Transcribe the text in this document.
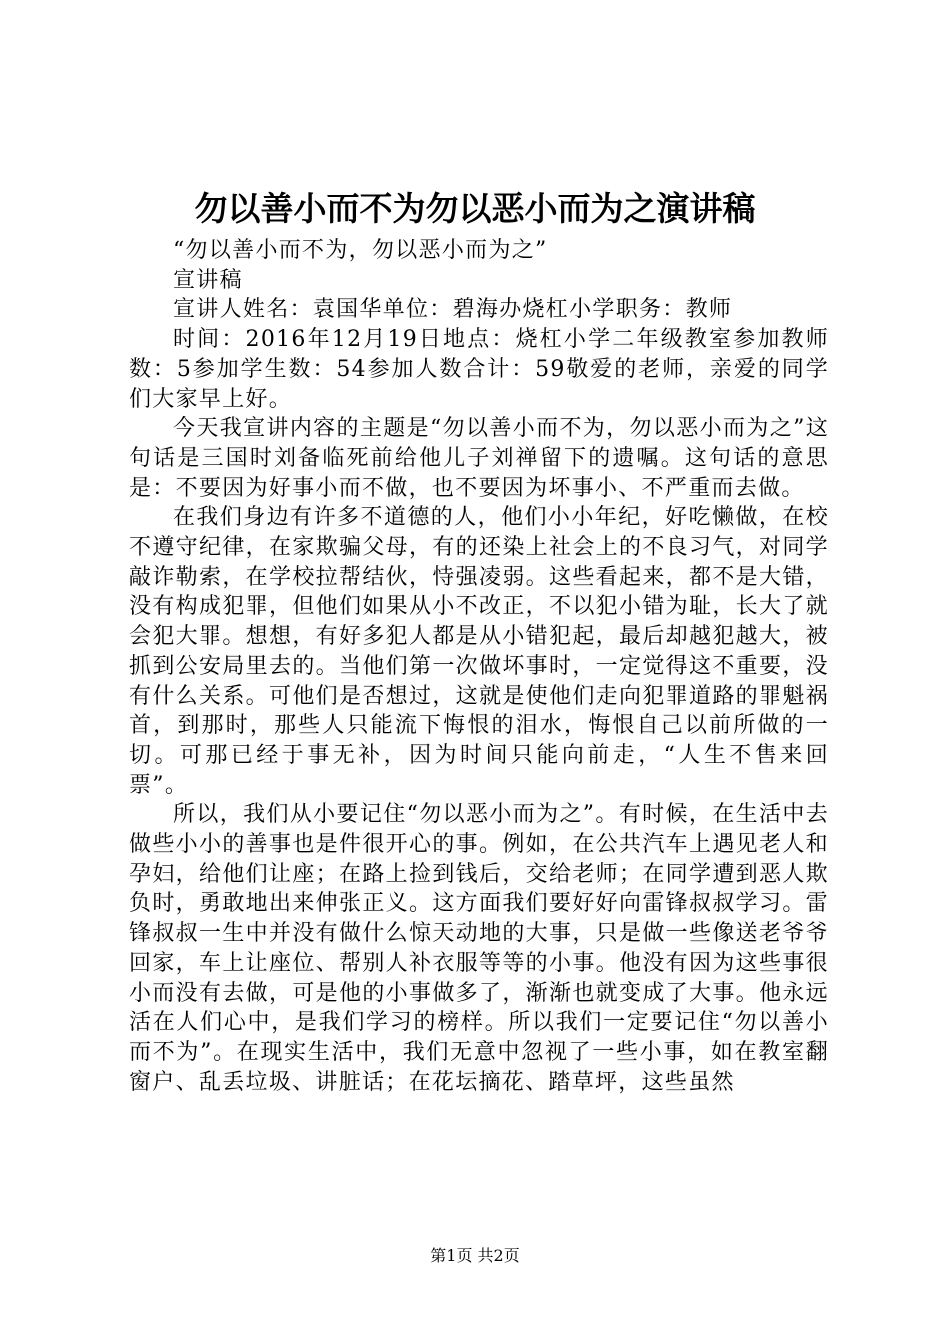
勿以善小而不为勿以恶小而为之演讲稿

“勿以善小而不为，勿以恶小而为之”

宣讲稿

宣讲人姓名：袁国华单位：碧海办烧杠小学职务：教师

时间：2016年12月19日地点：烧杠小学二年级教室参加教师数：5参加学生数：54参加人数合计：59敬爱的老师，亲爱的同学们大家早上好。

今天我宣讲内容的主题是“勿以善小而不为，勿以恶小而为之”这句话是三国时刘备临死前给他儿子刘禅留下的遗嘱。这句话的意思是：不要因为好事小而不做，也不要因为坏事小、不严重而去做。

在我们身边有许多不道德的人，他们小小年纪，好吃懒做，在校不遵守纪律，在家欺骗父母，有的还染上社会上的不良习气，对同学敲诈勒索，在学校拉帮结伙，恃强凌弱。这些看起来，都不是大错，没有构成犯罪，但他们如果从小不改正，不以犯小错为耻，长大了就会犯大罪。想想，有好多犯人都是从小错犯起，最后却越犯越大，被抓到公安局里去的。当他们第一次做坏事时，一定觉得这不重要，没有什么关系。可他们是否想过，这就是使他们走向犯罪道路的罪魁祸首，到那时，那些人只能流下悔恨的泪水，悔恨自己以前所做的一切。可那已经于事无补，因为时间只能向前走，“人生不售来回票”。

所以，我们从小要记住“勿以恶小而为之”。有时候，在生活中去做些小小的善事也是件很开心的事。例如，在公共汽车上遇见老人和孕妇，给他们让座；在路上捡到钱后，交给老师；在同学遭到恶人欺负时，勇敢地出来伸张正义。这方面我们要好好向雷锋叔叔学习。雷锋叔叔一生中并没有做什么惊天动地的大事，只是做一些像送老爷爷回家，车上让座位、帮别人补衣服等等的小事。他没有因为这些事很小而没有去做，可是他的小事做多了，渐渐也就变成了大事。他永远活在人们心中，是我们学习的榜样。所以我们一定要记住“勿以善小而不为”。在现实生活中，我们无意中忽视了一些小事，如在教室翻窗户、乱丢垃圾、讲脏话；在花坛摘花、踏草坪，这些虽然

第1页 共2页
